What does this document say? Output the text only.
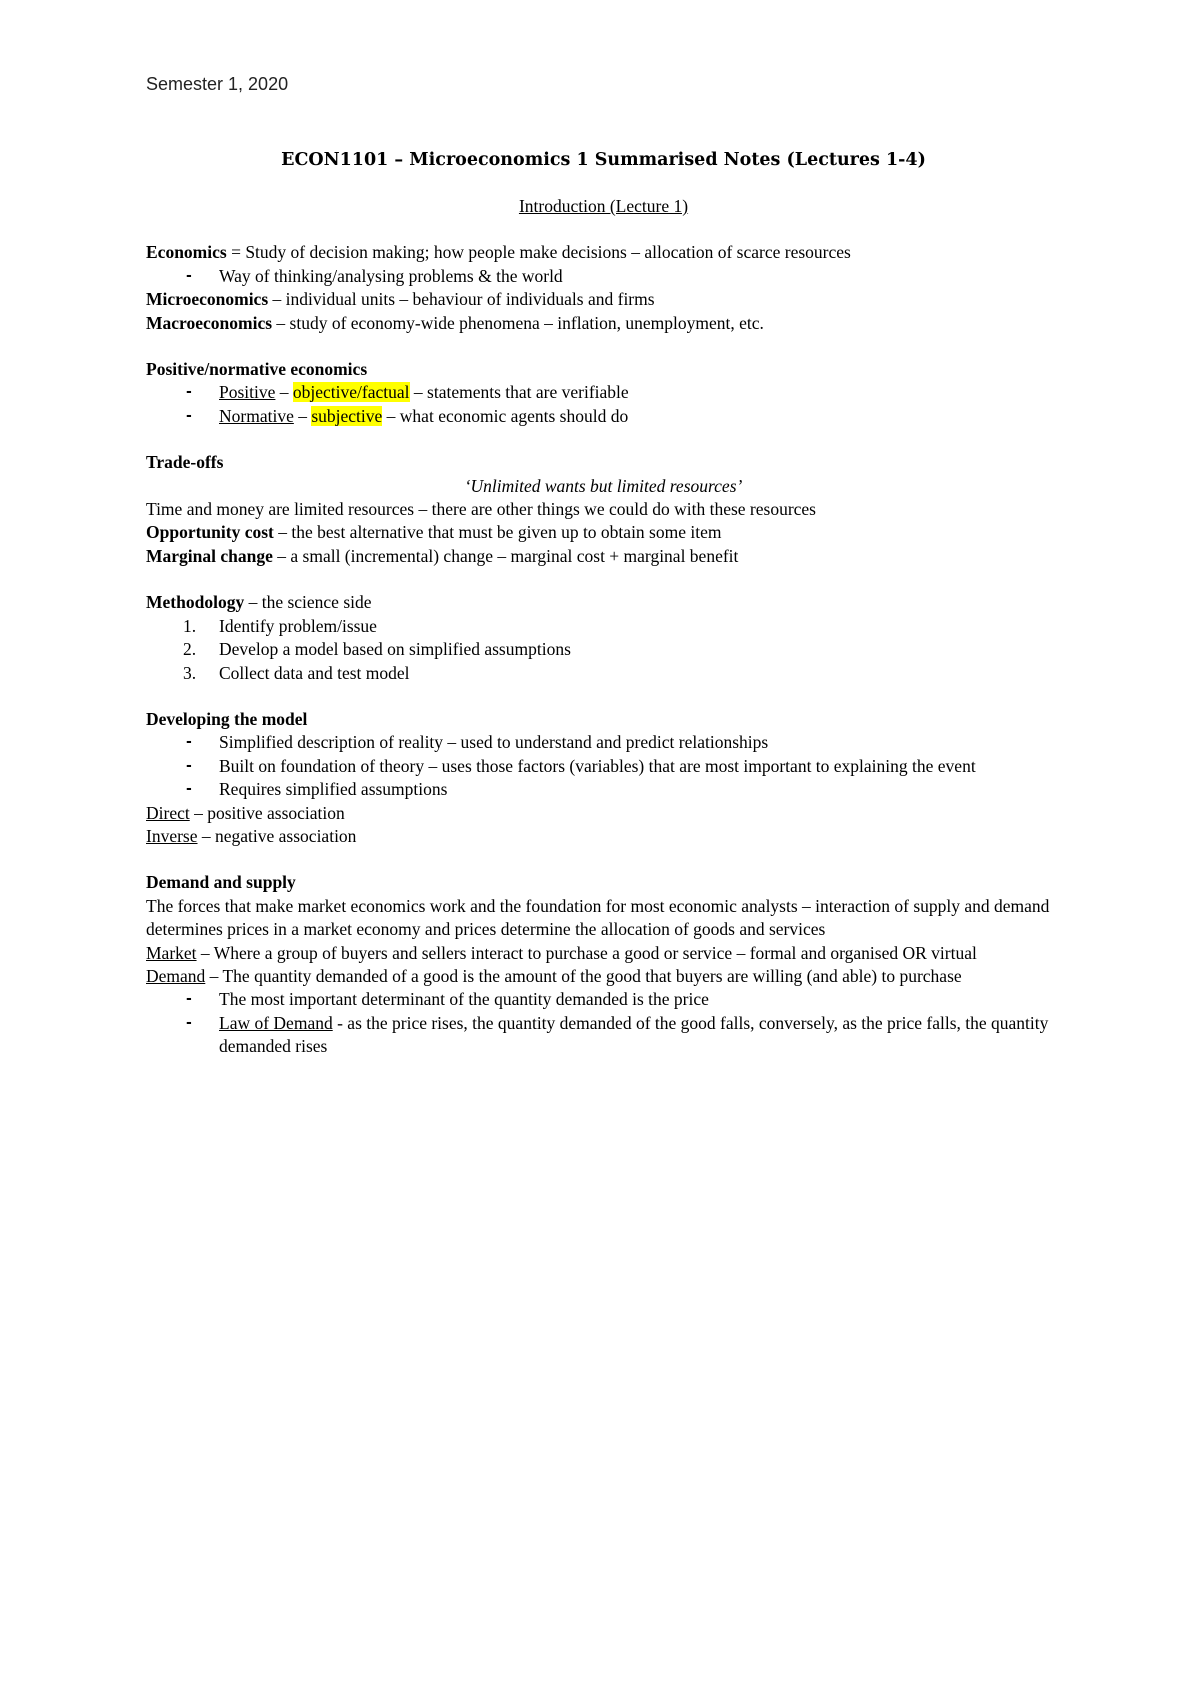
Semester 1, 2020

ECON1101 – Microeconomics 1 Summarised Notes (Lectures 1-4)

Introduction (Lecture 1)

Economics = Study of decision making; how people make decisions – allocation of scarce resources

- Way of thinking/analysing problems & the world

Microeconomics – individual units – behaviour of individuals and firms

Macroeconomics – study of economy-wide phenomena – inflation, unemployment, etc.

Positive/normative economics

- Positive – objective/factual – statements that are verifiable
- Normative – subjective – what economic agents should do

Trade-offs

‘Unlimited wants but limited resources’

Time and money are limited resources – there are other things we could do with these resources

Opportunity cost – the best alternative that must be given up to obtain some item

Marginal change – a small (incremental) change – marginal cost + marginal benefit

Methodology – the science side

1. Identify problem/issue
2. Develop a model based on simplified assumptions
3. Collect data and test model

Developing the model

- Simplified description of reality – used to understand and predict relationships
- Built on foundation of theory – uses those factors (variables) that are most important to explaining the event
- Requires simplified assumptions

Direct – positive association

Inverse – negative association

Demand and supply

The forces that make market economics work and the foundation for most economic analysts – interaction of supply and demand determines prices in a market economy and prices determine the allocation of goods and services

Market – Where a group of buyers and sellers interact to purchase a good or service – formal and organised OR virtual

Demand – The quantity demanded of a good is the amount of the good that buyers are willing (and able) to purchase

- The most important determinant of the quantity demanded is the price
- Law of Demand - as the price rises, the quantity demanded of the good falls, conversely, as the price falls, the quantity demanded rises
